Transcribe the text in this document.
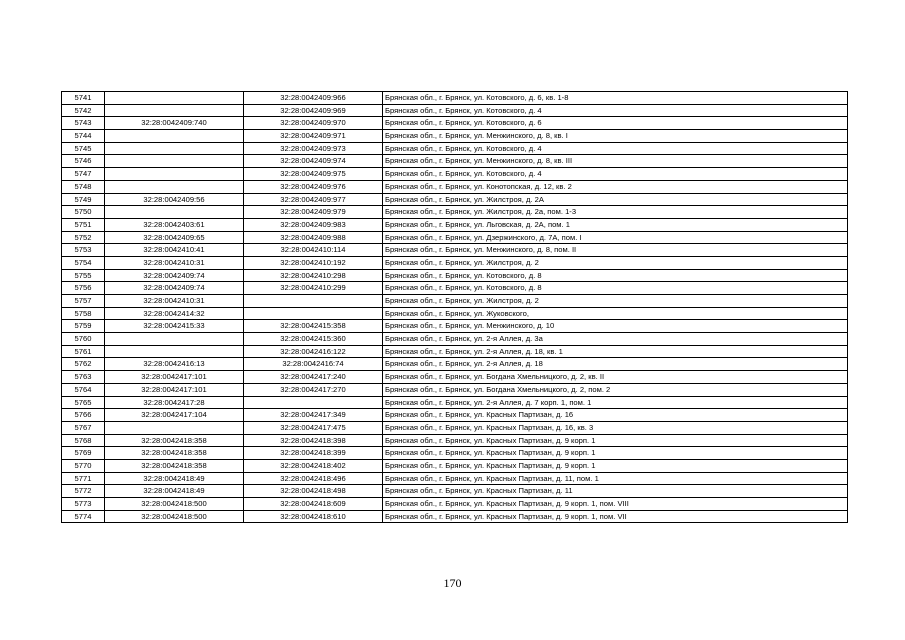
5741		32:28:0042409:966	Брянская обл., г. Брянск, ул. Котовского, д. 6, кв. 1-8
5742		32:28:0042409:969	Брянская обл., г. Брянск, ул. Котовского, д. 4
5743	32:28:0042409:740	32:28:0042409:970	Брянская обл., г. Брянск, ул. Котовского, д. 6
5744		32:28:0042409:971	Брянская обл., г. Брянск, ул. Менжинского, д. 8, кв. I
5745		32:28:0042409:973	Брянская обл., г. Брянск, ул. Котовского, д. 4
5746		32:28:0042409:974	Брянская обл., г. Брянск, ул. Менжинского, д. 8, кв. III
5747		32:28:0042409:975	Брянская обл., г. Брянск, ул. Котовского, д. 4
5748		32:28:0042409:976	Брянская обл., г. Брянск, ул. Конотопская, д. 12, кв. 2
5749	32:28:0042409:56	32:28:0042409:977	Брянская обл., г. Брянск, ул. Жилстроя, д. 2А
5750		32:28:0042409:979	Брянская обл., г. Брянск, ул. Жилстроя, д. 2а, пом. 1-3
5751	32:28:0042403:61	32:28:0042409:983	Брянская обл., г. Брянск, ул. Льговская, д. 2А, пом. 1
5752	32:28:0042409:65	32:28:0042409:988	Брянская обл., г. Брянск, ул. Дзержинского, д. 7А, пом. I
5753	32:28:0042410:41	32:28:0042410:114	Брянская обл., г. Брянск, ул. Менжинского, д. 8, пом. II
5754	32:28:0042410:31	32:28:0042410:192	Брянская обл., г. Брянск, ул. Жилстроя, д. 2
5755	32:28:0042409:74	32:28:0042410:298	Брянская обл., г. Брянск, ул. Котовского, д. 8
5756	32:28:0042409:74	32:28:0042410:299	Брянская обл., г. Брянск, ул. Котовского, д. 8
5757	32:28:0042410:31		Брянская обл., г. Брянск, ул. Жилстроя, д. 2
5758	32:28:0042414:32		Брянская обл., г. Брянск, ул. Жуковского,
5759	32:28:0042415:33	32:28:0042415:358	Брянская обл., г. Брянск, ул. Менжинского, д. 10
5760		32:28:0042415:360	Брянская обл., г. Брянск, ул. 2-я Аллея, д. 3а
5761		32:28:0042416:122	Брянская обл., г. Брянск, ул. 2-я Аллея, д. 18, кв. 1
5762	32:28:0042416:13	32:28:0042416:74	Брянская обл., г. Брянск, ул. 2-я Аллея, д. 18
5763	32:28:0042417:101	32:28:0042417:240	Брянская обл., г. Брянск, ул. Богдана Хмельницкого, д. 2, кв. II
5764	32:28:0042417:101	32:28:0042417:270	Брянская обл., г. Брянск, ул. Богдана Хмельницкого, д. 2, пом. 2
5765	32:28:0042417:28		Брянская обл., г. Брянск, ул. 2-я Аллея, д. 7 корп. 1, пом. 1
5766	32:28:0042417:104	32:28:0042417:349	Брянская обл., г. Брянск, ул. Красных Партизан, д. 16
5767		32:28:0042417:475	Брянская обл., г. Брянск, ул. Красных Партизан, д. 16, кв. 3
5768	32:28:0042418:358	32:28:0042418:398	Брянская обл., г. Брянск, ул. Красных Партизан, д. 9 корп. 1
5769	32:28:0042418:358	32:28:0042418:399	Брянская обл., г. Брянск, ул. Красных Партизан, д. 9 корп. 1
5770	32:28:0042418:358	32:28:0042418:402	Брянская обл., г. Брянск, ул. Красных Партизан, д. 9 корп. 1
5771	32:28:0042418:49	32:28:0042418:496	Брянская обл., г. Брянск, ул. Красных Партизан, д. 11, пом. 1
5772	32:28:0042418:49	32:28:0042418:498	Брянская обл., г. Брянск, ул. Красных Партизан, д. 11
5773	32:28:0042418:500	32:28:0042418:609	Брянская обл., г. Брянск, ул. Красных Партизан, д. 9 корп. 1, пом. VIII
5774	32:28:0042418:500	32:28:0042418:610	Брянская обл., г. Брянск, ул. Красных Партизан, д. 9 корп. 1, пом. VII
170
